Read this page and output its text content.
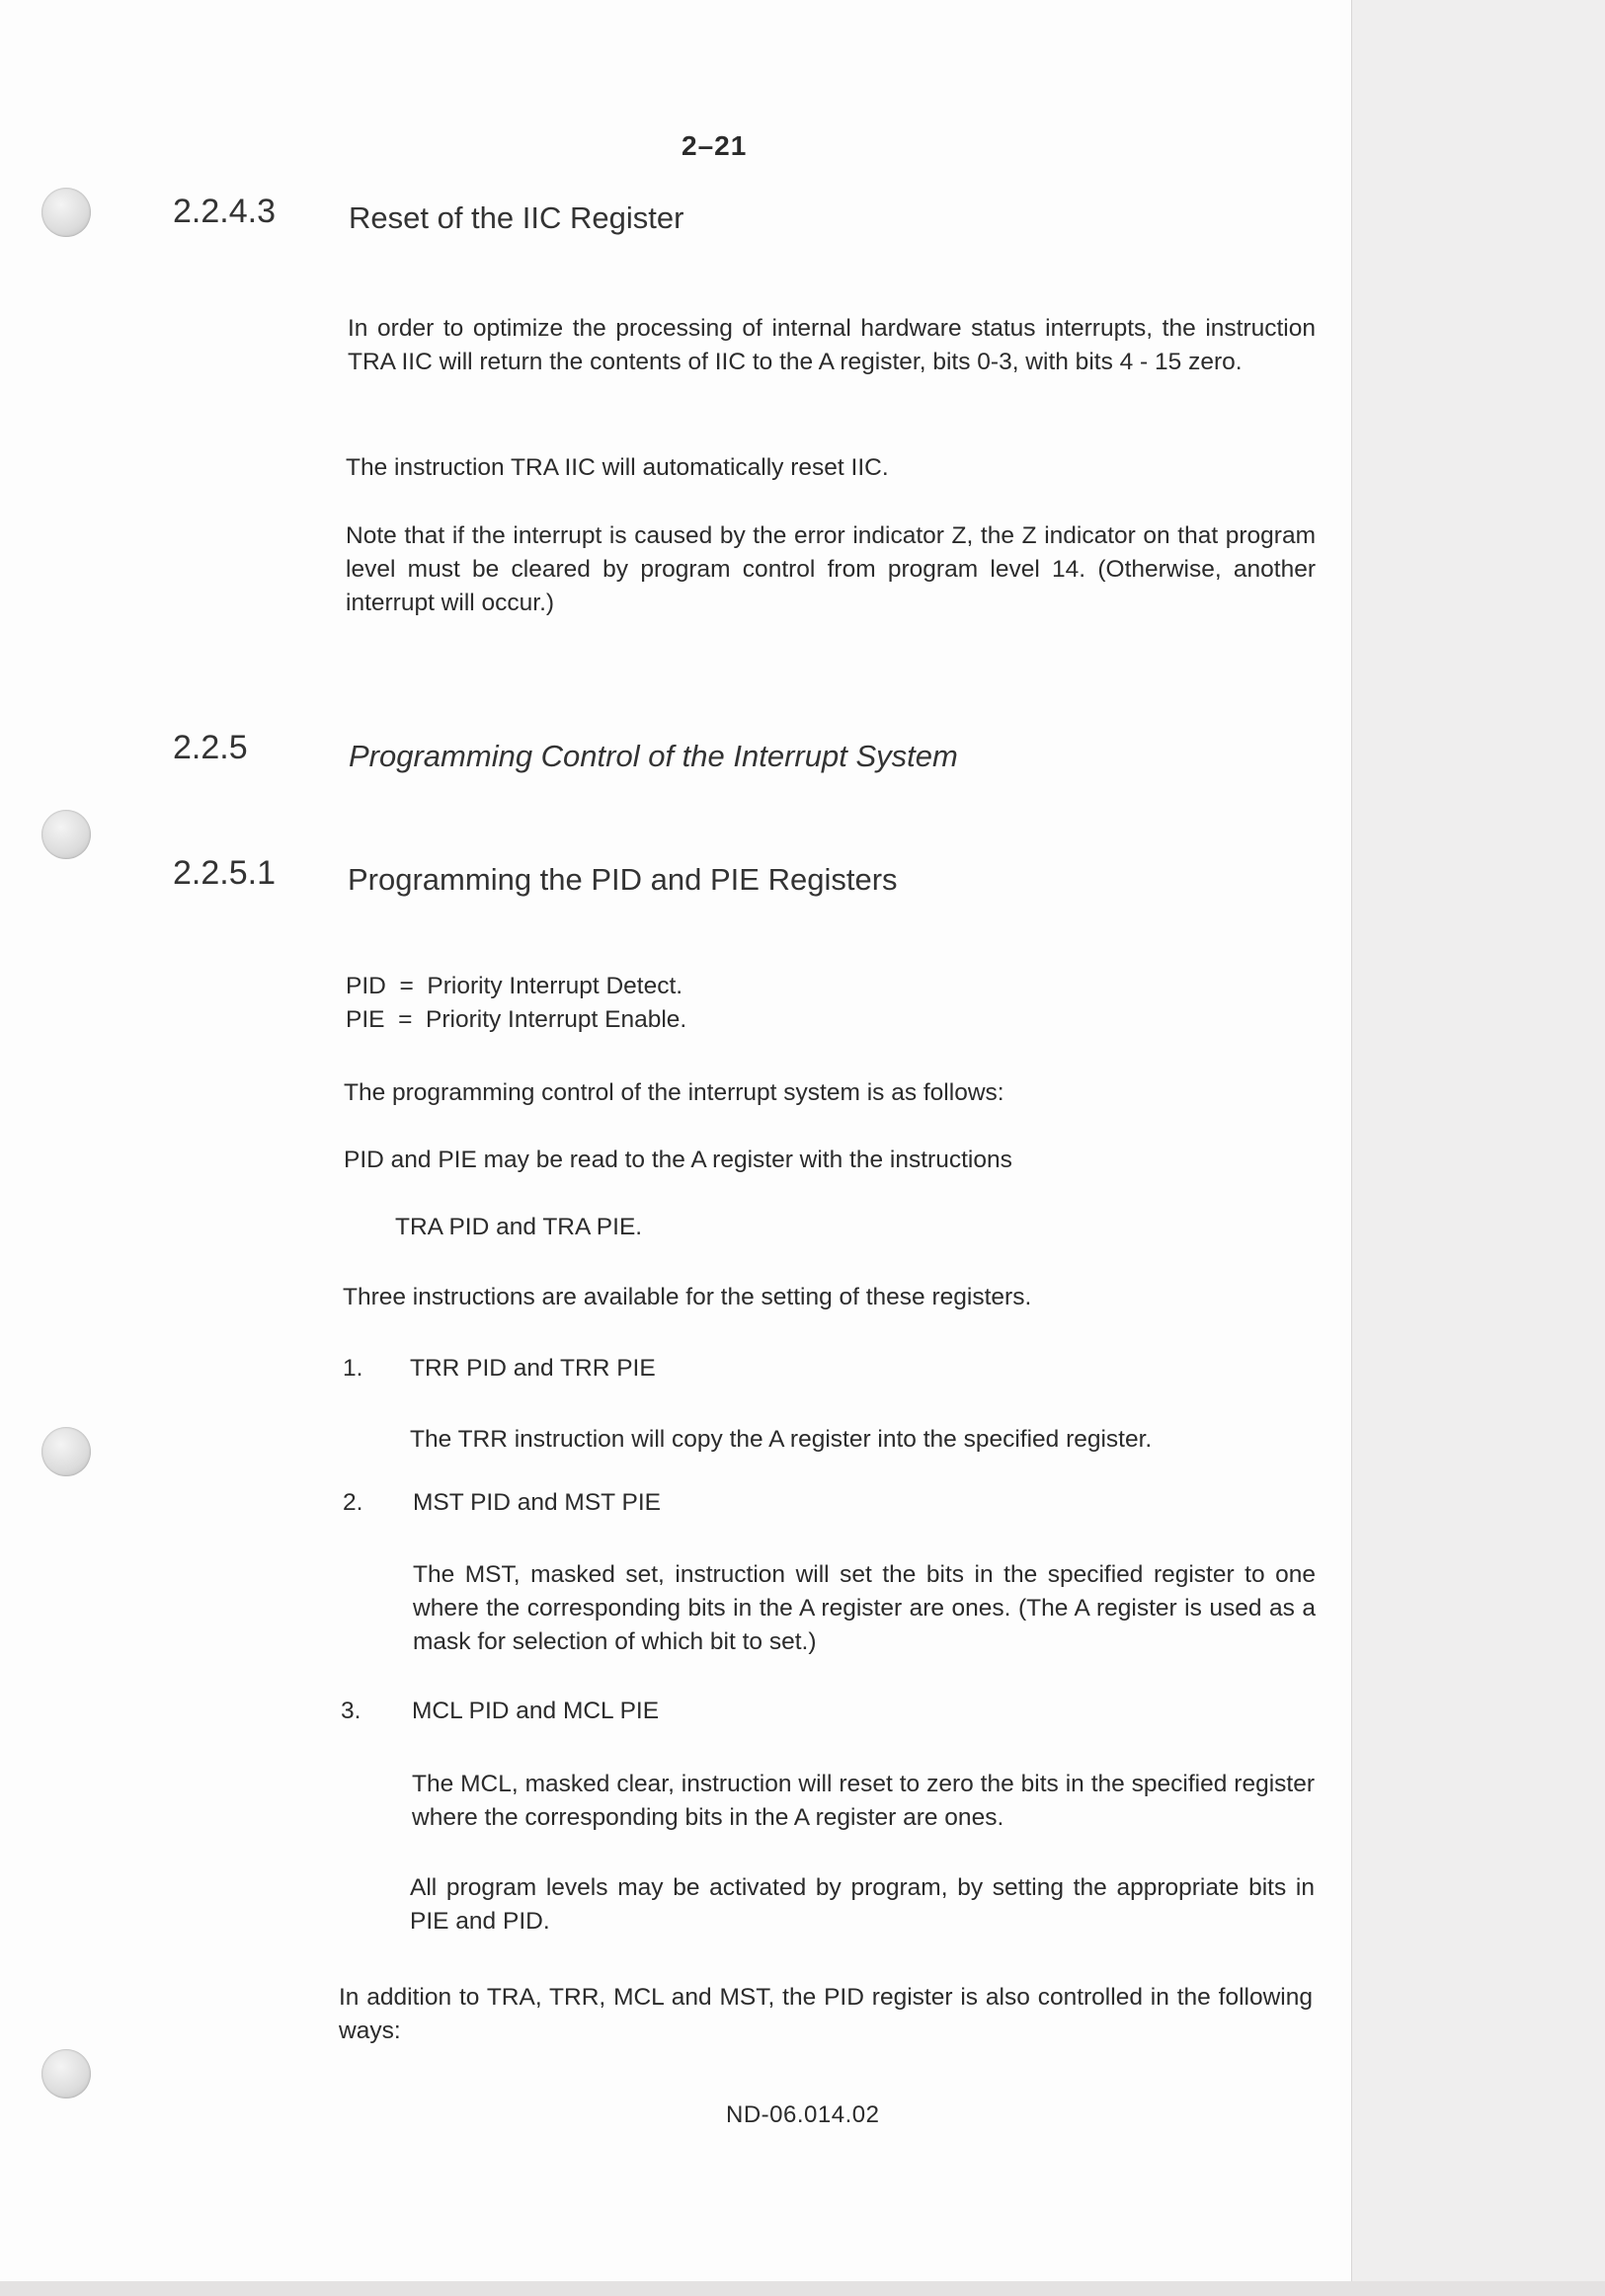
2–21
2.2.4.3 Reset of the IIC Register
In order to optimize the processing of internal hardware status interrupts, the instruction TRA IIC will return the contents of IIC to the A register, bits 0-3, with bits 4 - 15 zero.
The instruction TRA IIC will automatically reset IIC.
Note that if the interrupt is caused by the error indicator Z, the Z indicator on that program level must be cleared by program control from program level 14. (Otherwise, another interrupt will occur.)
2.2.5	Programming Control of the Interrupt System
2.2.5.1 Programming the PID and PIE Registers
PID  =  Priority Interrupt Detect.
PIE  =  Priority Interrupt Enable.
The programming control of the interrupt system is as follows:
PID and PIE may be read to the A register with the instructions
TRA PID and TRA PIE.
Three instructions are available for the setting of these registers.
1. TRR PID and TRR PIE
The TRR instruction will copy the A register into the specified register.
2. MST PID and MST PIE
The MST, masked set, instruction will set the bits in the specified register to one where the corresponding bits in the A register are ones. (The A register is used as a mask for selection of which bit to set.)
3. MCL PID and MCL PIE
The MCL, masked clear, instruction will reset to zero the bits in the specified register where the corresponding bits in the A register are ones.
All program levels may be activated by program, by setting the appropriate bits in PIE and PID.
In addition to TRA, TRR, MCL and MST, the PID register is also controlled in the following ways:
ND-06.014.02
